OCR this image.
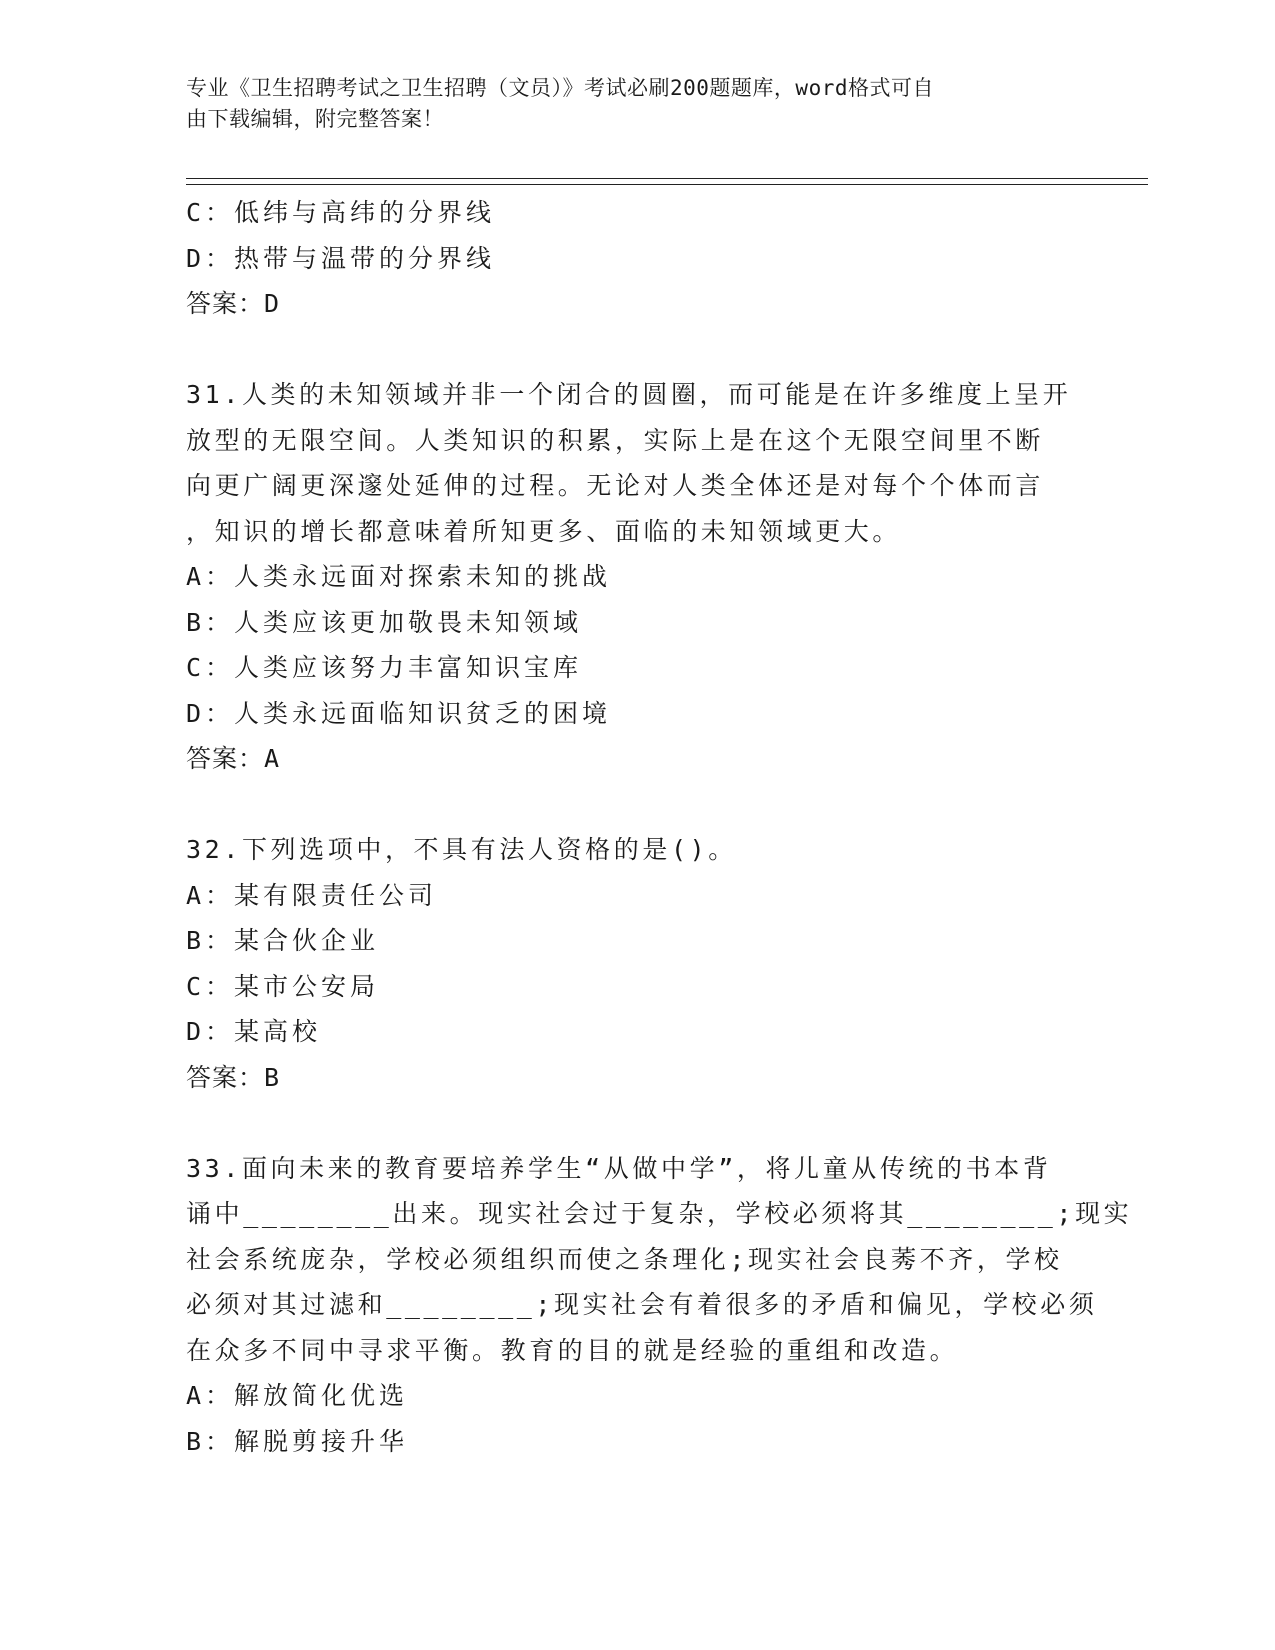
专业《卫生招聘考试之卫生招聘（文员）》考试必刷200题题库，word格式可自
由下载编辑，附完整答案！
C：低纬与高纬的分界线
D：热带与温带的分界线
答案：D
31.人类的未知领域并非一个闭合的圆圈，而可能是在许多维度上呈开
放型的无限空间。人类知识的积累，实际上是在这个无限空间里不断
向更广阔更深邃处延伸的过程。无论对人类全体还是对每个个体而言
，知识的增长都意味着所知更多、面临的未知领域更大。
A：人类永远面对探索未知的挑战
B：人类应该更加敬畏未知领域
C：人类应该努力丰富知识宝库
D：人类永远面临知识贫乏的困境
答案：A
32.下列选项中，不具有法人资格的是()。
A：某有限责任公司
B：某合伙企业
C：某市公安局
D：某高校
答案：B
33.面向未来的教育要培养学生“从做中学”，将儿童从传统的书本背
诵中________出来。现实社会过于复杂，学校必须将其________;现实
社会系统庞杂，学校必须组织而使之条理化;现实社会良莠不齐，学校
必须对其过滤和________;现实社会有着很多的矛盾和偏见，学校必须
在众多不同中寻求平衡。教育的目的就是经验的重组和改造。
A：解放简化优选
B：解脱剪接升华
